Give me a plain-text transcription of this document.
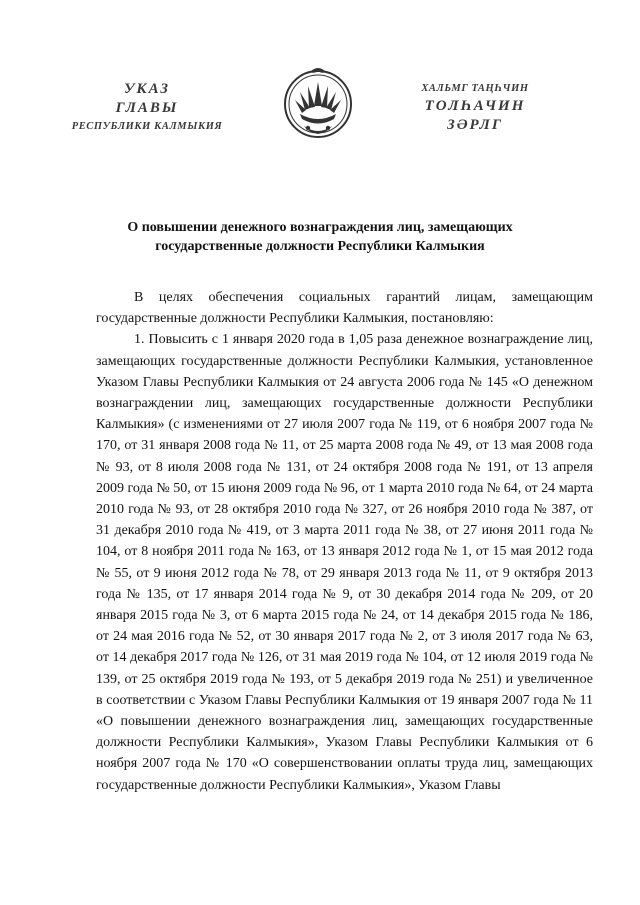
УКАЗ
ГЛАВЫ
РЕСПУБЛИКИ КАЛМЫКИЯ
ХАЛЬМГ ТАҢҺЧИН
ТОЛҺАЧИН
ЗӘРЛГ
О повышении денежного вознаграждения лиц, замещающих
государственные должности Республики Калмыкия

В целях обеспечения социальных гарантий лицам, замещающим государственные должности Республики Калмыкия, постановляю:

1. Повысить с 1 января 2020 года в 1,05 раза денежное вознаграждение лиц, замещающих государственные должности Республики Калмыкия, установленное Указом Главы Республики Калмыкия от 24 августа 2006 года № 145 «О денежном вознаграждении лиц, замещающих государственные должности Республики Калмыкия» (с изменениями от 27 июля 2007 года № 119, от 6 ноября 2007 года № 170, от 31 января 2008 года № 11, от 25 марта 2008 года № 49, от 13 мая 2008 года № 93, от 8 июля 2008 года № 131, от 24 октября 2008 года № 191, от 13 апреля 2009 года № 50, от 15 июня 2009 года № 96, от 1 марта 2010 года № 64, от 24 марта 2010 года № 93, от 28 октября 2010 года № 327, от 26 ноября 2010 года № 387, от 31 декабря 2010 года № 419, от 3 марта 2011 года № 38, от 27 июня 2011 года № 104, от 8 ноября 2011 года № 163, от 13 января 2012 года № 1, от 15 мая 2012 года № 55, от 9 июня 2012 года № 78, от 29 января 2013 года № 11, от 9 октября 2013 года № 135, от 17 января 2014 года № 9, от 30 декабря 2014 года № 209, от 20 января 2015 года № 3, от 6 марта 2015 года № 24, от 14 декабря 2015 года № 186, от 24 мая 2016 года № 52, от 30 января 2017 года № 2, от 3 июля 2017 года № 63, от 14 декабря 2017 года № 126, от 31 мая 2019 года № 104, от 12 июля 2019 года № 139, от 25 октября 2019 года № 193, от 5 декабря 2019 года № 251) и увеличенное в соответствии с Указом Главы Республики Калмыкия от 19 января 2007 года № 11 «О повышении денежного вознаграждения лиц, замещающих государственные должности Республики Калмыкия», Указом Главы Республики Калмыкия от 6 ноября 2007 года № 170 «О совершенствовании оплаты труда лиц, замещающих государственные должности Республики Калмыкия», Указом Главы
